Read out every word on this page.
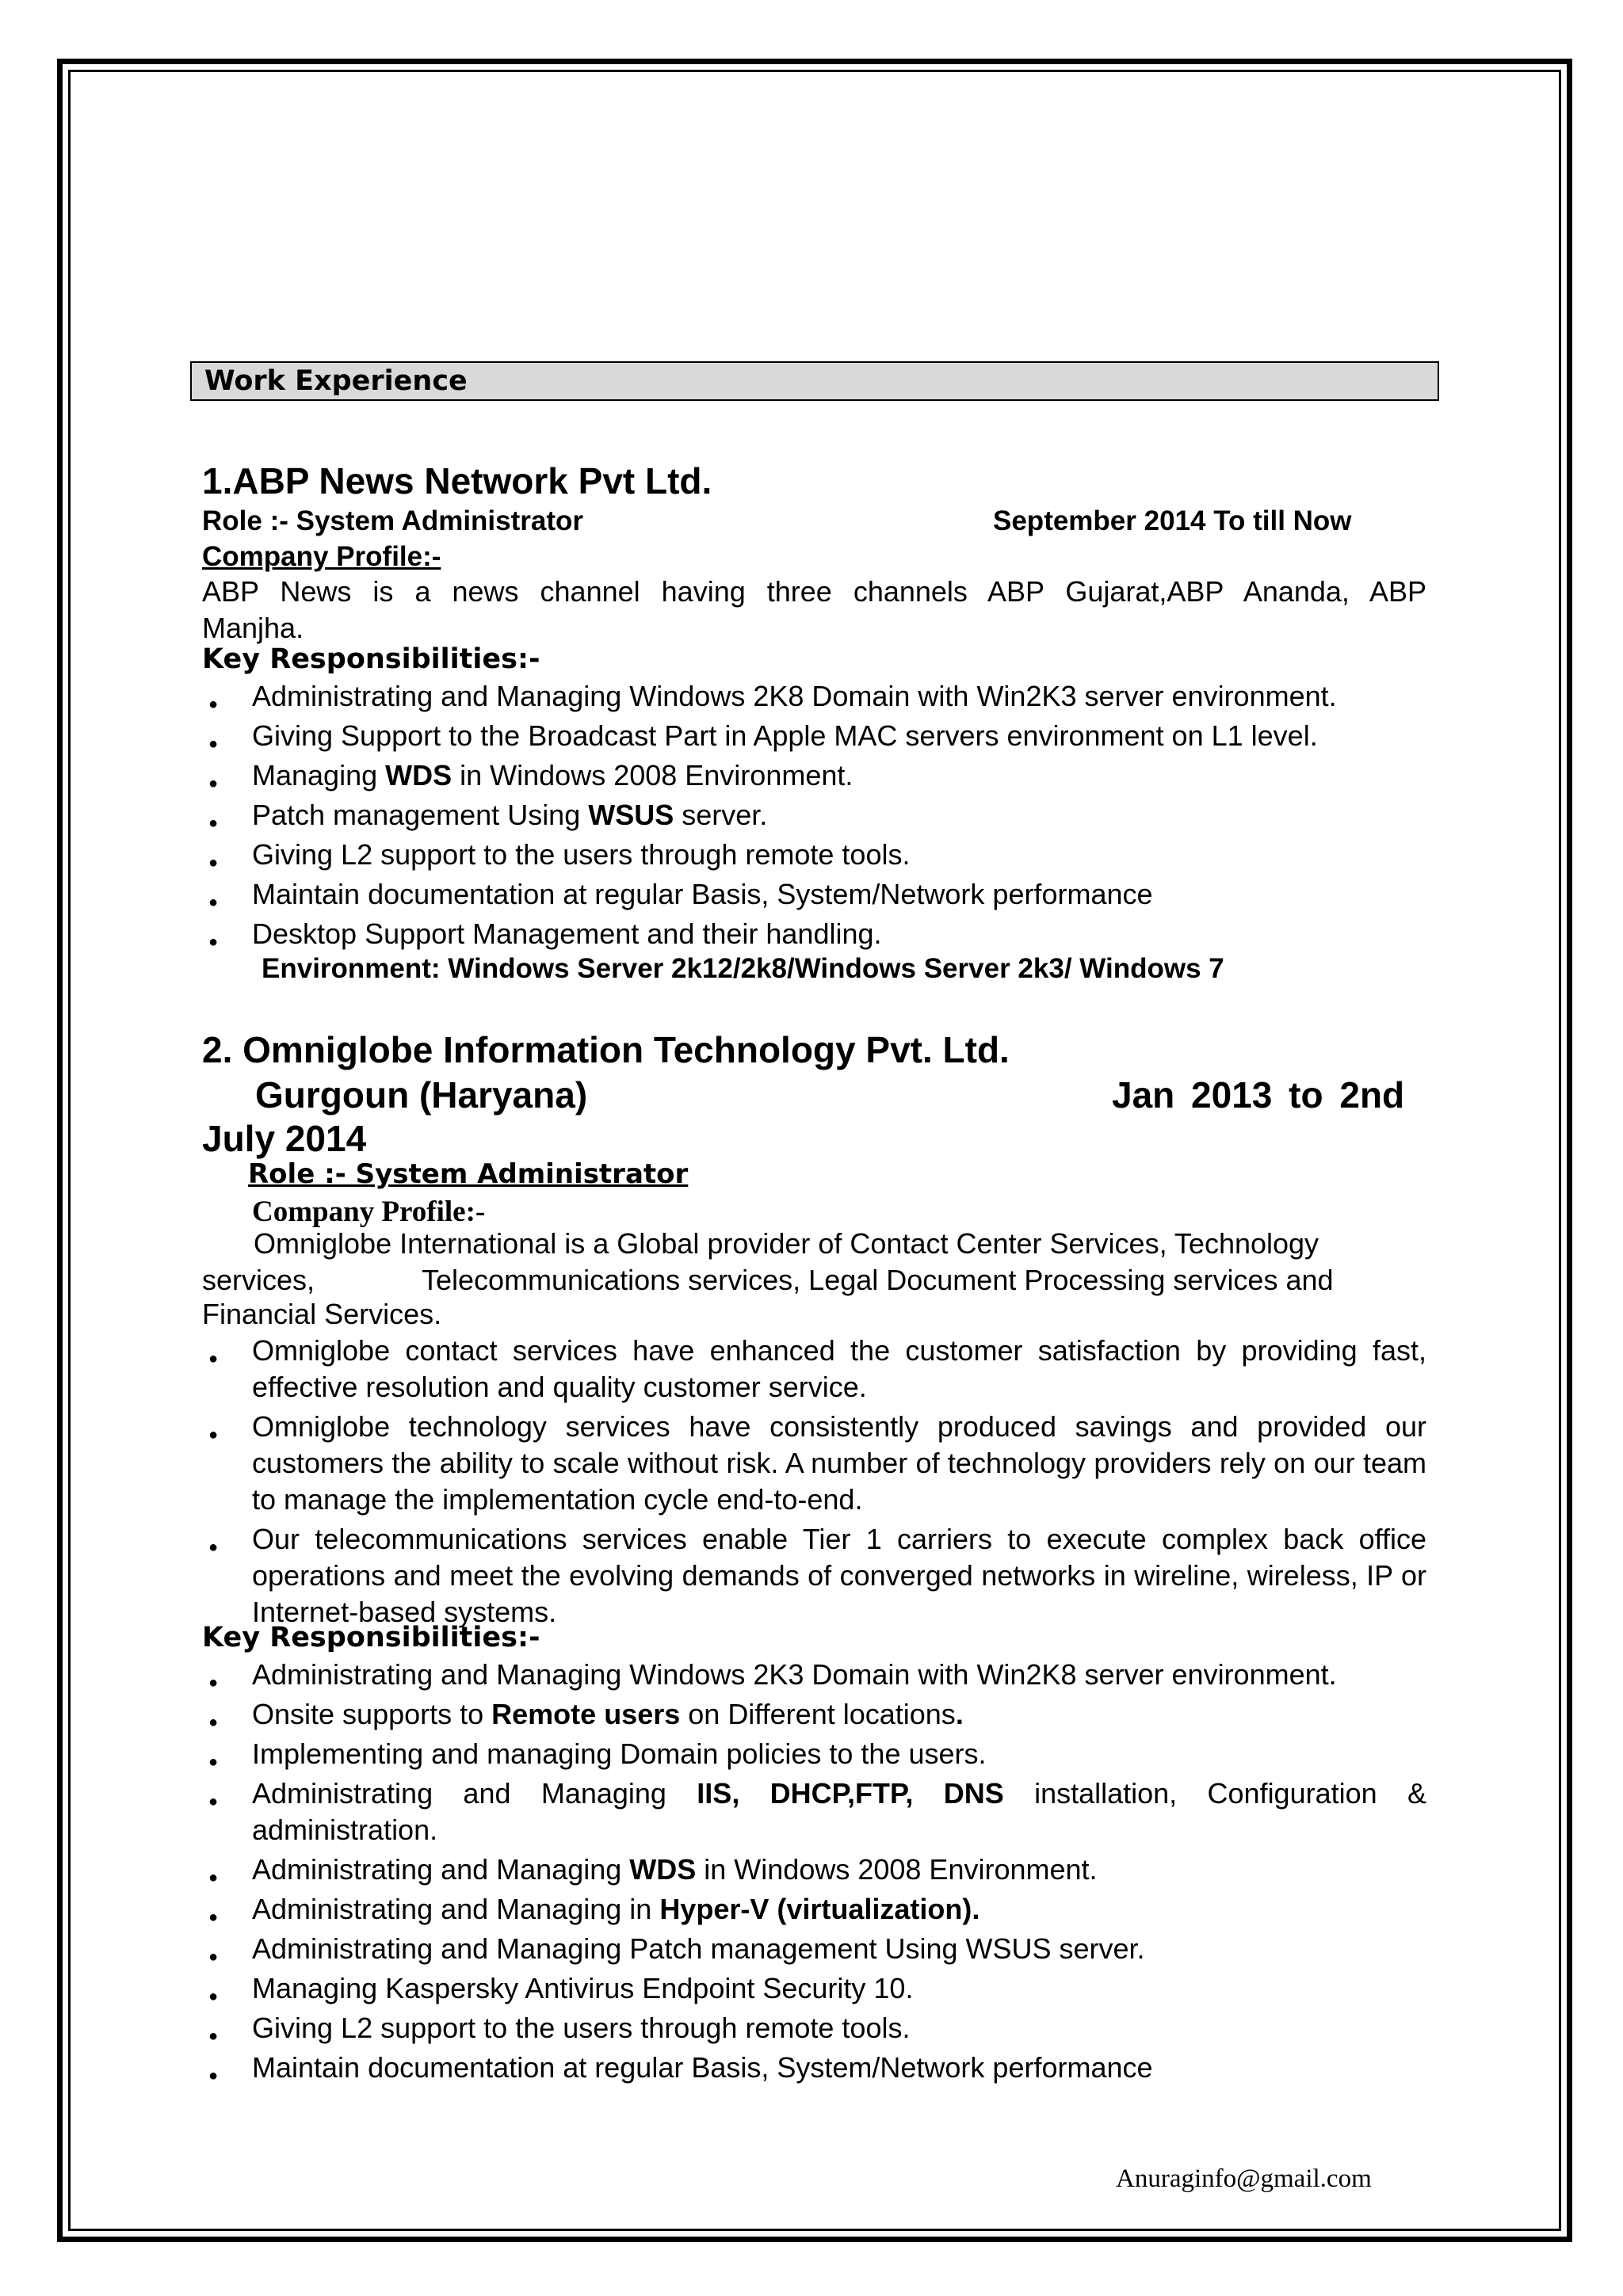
Work Experience
1.ABP News Network Pvt Ltd.
Role :- System Administrator	September 2014 To till Now
Company Profile:-
ABP News is a news channel having three channels ABP Gujarat,ABP Ananda, ABP Manjha.
Key Responsibilities:-
● Administrating and Managing Windows 2K8 Domain with Win2K3 server environment.
● Giving Support to the Broadcast Part in Apple MAC servers environment on L1 level.
● Managing WDS in Windows 2008 Environment.
● Patch management Using WSUS server.
● Giving L2 support to the users through remote tools.
● Maintain documentation at regular Basis, System/Network performance
● Desktop Support Management and their handling.
Environment: Windows Server 2k12/2k8/Windows Server 2k3/ Windows 7
2. Omniglobe Information Technology Pvt. Ltd.
Gurgoun (Haryana)	Jan 2013 to 2nd
July 2014
Role :- System Administrator
Company Profile:-
Omniglobe International is a Global provider of Contact Center Services, Technology
services,	Telecommunications services, Legal Document Processing services and
Financial Services.
● Omniglobe contact services have enhanced the customer satisfaction by providing fast, effective resolution and quality customer service.
● Omniglobe technology services have consistently produced savings and provided our customers the ability to scale without risk. A number of technology providers rely on our team to manage the implementation cycle end-to-end.
● Our telecommunications services enable Tier 1 carriers to execute complex back office operations and meet the evolving demands of converged networks in wireline, wireless, IP or Internet-based systems.
Key Responsibilities:-
● Administrating and Managing Windows 2K3 Domain with Win2K8 server environment.
● Onsite supports to Remote users on Different locations.
● Implementing and managing Domain policies to the users.
● Administrating and Managing IIS, DHCP,FTP, DNS installation, Configuration & administration.
● Administrating and Managing WDS in Windows 2008 Environment.
● Administrating and Managing in Hyper-V (virtualization).
● Administrating and Managing Patch management Using WSUS server.
● Managing Kaspersky Antivirus Endpoint Security 10.
● Giving L2 support to the users through remote tools.
● Maintain documentation at regular Basis, System/Network performance
Anuraginfo@gmail.com
